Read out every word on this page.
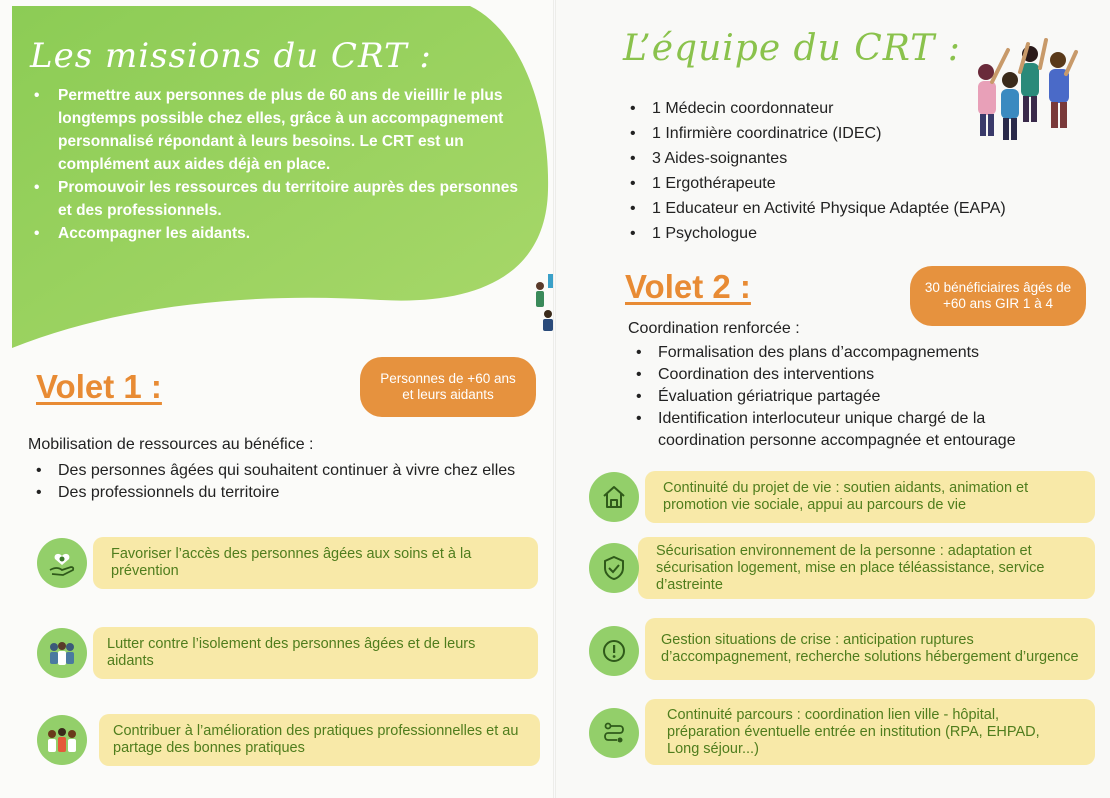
Les missions du CRT :
• Permettre aux personnes de plus de 60 ans de vieillir le plus longtemps possible chez elles, grâce à un accompagnement personnalisé répondant à leurs besoins. Le CRT est un complément aux aides déjà en place.
• Promouvoir les ressources du territoire auprès des personnes et des professionnels.
• Accompagner les aidants.
Volet 1 :	Personnes de +60 ans et leurs aidants
Mobilisation de ressources au bénéfice :
• Des personnes âgées qui souhaitent continuer à vivre chez elles
• Des professionnels du territoire
Favoriser l’accès des personnes âgées aux soins et à la prévention
Lutter contre l’isolement des personnes âgées et de leurs aidants
Contribuer à l’amélioration des pratiques professionnelles et au partage des bonnes pratiques
L’équipe du CRT :
• 1 Médecin coordonnateur
• 1 Infirmière coordinatrice (IDEC)
• 3 Aides-soignantes
• 1 Ergothérapeute
• 1 Educateur en Activité Physique Adaptée (EAPA)
• 1 Psychologue
Volet 2 :	30 bénéficiaires âgés de +60 ans GIR 1 à 4
Coordination renforcée :
• Formalisation des plans d’accompagnements
• Coordination des interventions
• Évaluation gériatrique partagée
• Identification interlocuteur unique chargé de la coordination personne accompagnée et entourage
Continuité du projet de vie : soutien aidants, animation et promotion vie sociale, appui au parcours de vie
Sécurisation environnement de la personne : adaptation et sécurisation logement, mise en place téléassistance, service d’astreinte
Gestion situations de crise : anticipation ruptures d’accompagnement, recherche solutions hébergement d’urgence
Continuité parcours : coordination lien ville - hôpital, préparation éventuelle entrée en institution (RPA, EHPAD, Long séjour...)
